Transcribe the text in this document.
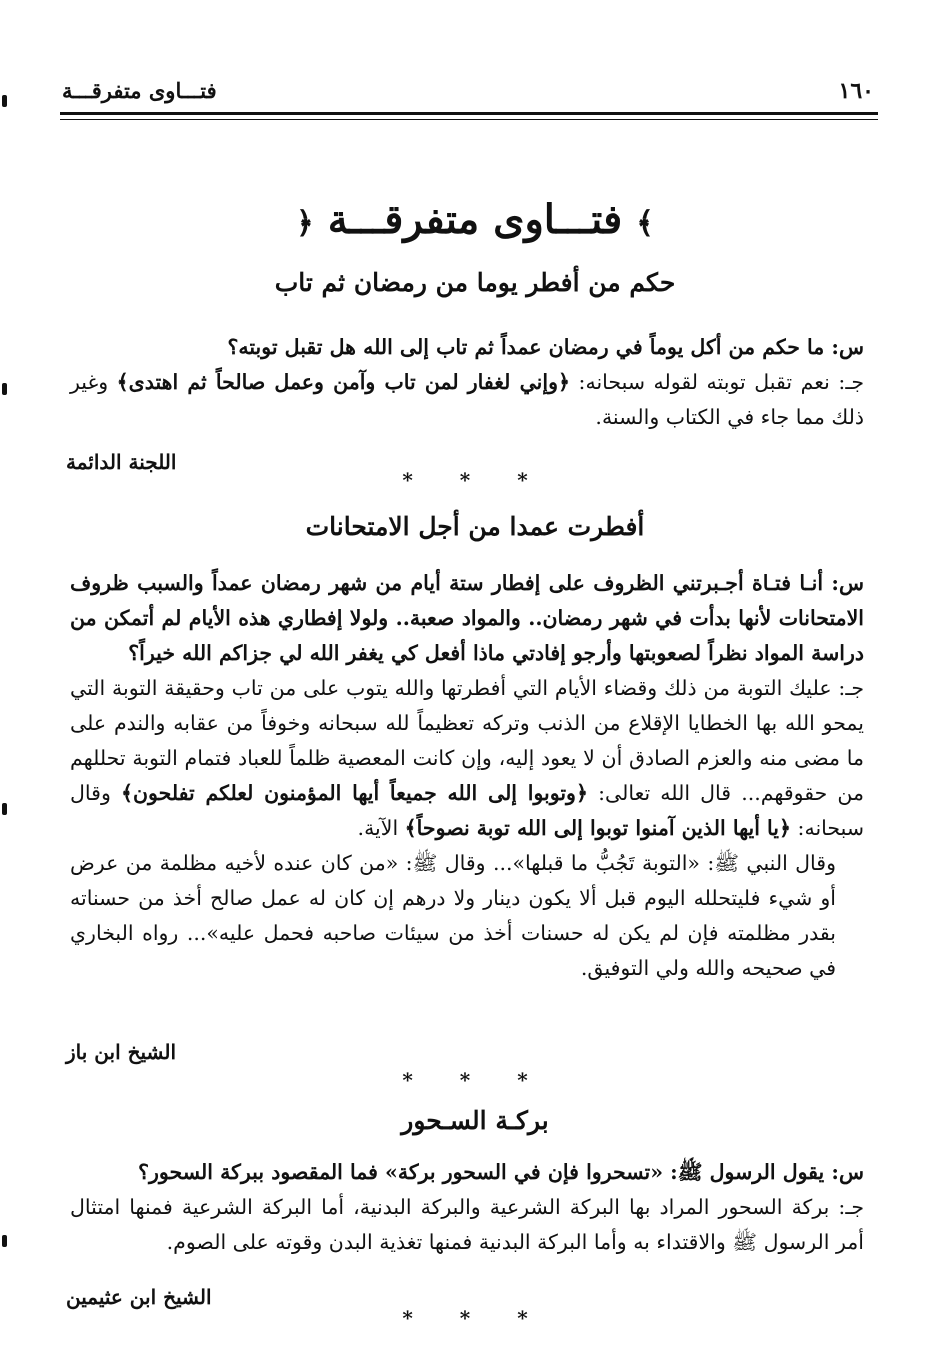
١٦٠
فتـــاوى متفرقـــة
﴾ فتـــاوى متفرقـــة ﴿
حكم من أفطر يوما من رمضان ثم تاب
س: ما حكم من أكل يوماً في رمضان عمداً ثم تاب إلى الله هل تقبل توبته؟
جـ: نعم تقبل توبته لقوله سبحانه: ﴿وإني لغفار لمن تاب وآمن وعمل صالحاً ثم اهتدى﴾ وغير ذلك مما جاء في الكتاب والسنة.
اللجنة الدائمة
* * *
أفطرت عمدا من أجل الامتحانات
س: أنـا فتـاة أجـبرتني الظروف على إفطار ستة أيام من شهر رمضان عمداً والسبب ظروف الامتحانات لأنها بدأت في شهر رمضان.. والمواد صعبة.. ولولا إفطاري هذه الأيام لم أتمكن من دراسة المواد نظراً لصعوبتها وأرجو إفادتي ماذا أفعل كي يغفر الله لي جزاكم الله خيراً؟
جـ: عليك التوبة من ذلك وقضاء الأيام التي أفطرتها والله يتوب على من تاب وحقيقة التوبة التي يمحو الله بها الخطايا الإقلاع من الذنب وتركه تعظيماً لله سبحانه وخوفاً من عقابه والندم على ما مضى منه والعزم الصادق أن لا يعود إليه، وإن كانت المعصية ظلماً للعباد فتمام التوبة تحللهم من حقوقهم... قال الله تعالى: ﴿وتوبوا إلى الله جميعاً أيها المؤمنون لعلكم تفلحون﴾ وقال سبحانه: ﴿يا أيها الذين آمنوا توبوا إلى الله توبة نصوحاً﴾ الآية.
وقال النبي ﷺ: «التوبة تَجُبُّ ما قبلها»... وقال ﷺ: «من كان عنده لأخيه مظلمة من عرض أو شيء فليتحلله اليوم قبل ألا يكون دينار ولا درهم إن كان له عمل صالح أخذ من حسناته بقدر مظلمته فإن لم يكن له حسنات أخذ من سيئات صاحبه فحمل عليه»... رواه البخاري في صحيحه والله ولي التوفيق.
الشيخ ابن باز
* * *
بركـة السـحور
س: يقول الرسول ﷺ: «تسحروا فإن في السحور بركة» فما المقصود ببركة السحور؟
جـ: بركة السحور المراد بها البركة الشرعية والبركة البدنية، أما البركة الشرعية فمنها امتثال أمر الرسول ﷺ والاقتداء به وأما البركة البدنية فمنها تغذية البدن وقوته على الصوم.
الشيخ ابن عثيمين
* * *
